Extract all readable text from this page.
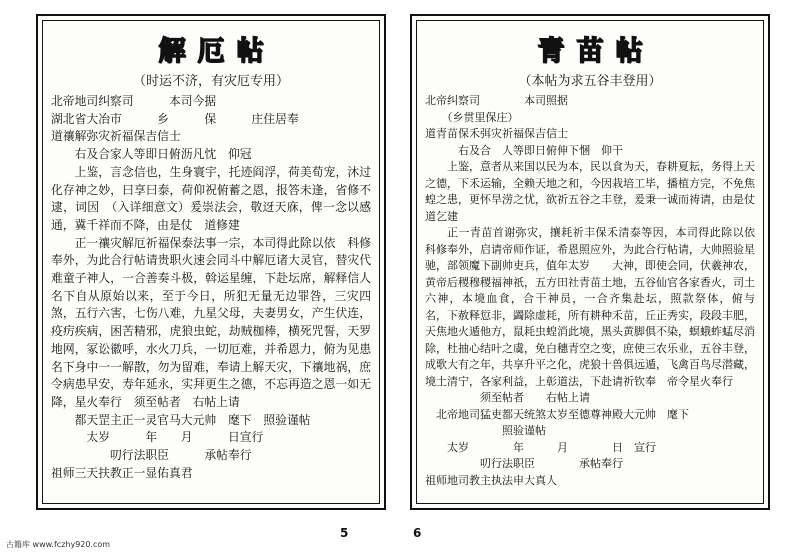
解厄帖
（时运不济，有灾厄专用）

北帝地司纠察司　　　本司今据

湖北省大冶市　　　乡　　　保　　　庄住居奉

道禳解弥灾祈福保吉信士

　　右及合家人等即日俯沥凡忱　仰冠

上鉴，言念信也，生身寰宇，托迹阎浮，荷美荀宠，沐过化存神之妙，曰享曰泰，荷仰祝俯蓄之恩，报答未逢，省修不逮，词因　（入详细意文）爰崇法会，敬迓天庥，俾一念以感通，冀千祥而不降，由是仗　道修建

正一禳灾解厄祈福保泰法事一宗，本司得此除以依　科修奉外，为此合行帖请贵职火速会同斗中解厄诸大灵官，替灾代难童子神人，一合善奏斗极，斡运星缠，下赴坛席，解释信人　　名下自从原始以来，至于今日，所犯无量无边罪咎，三灾四煞，五行六害，七伤八难，九星父母，夫妻男女，产生伏连，疫疠疾病，困苦精邪，虎狼虫蛇，劫贼枷棒，横死咒誓，天罗地网，冢讼徽呼，水火刀兵，一切厄难，并希恩力，俯为见患　　名下身中一一解散，勿为留难，奉请上解天灾，下禳地祸，庶令病患早安，寿年延永，实拜更生之德，不忘再造之恩一如无降，星火奉行　须至帖者　右帖上请

　　都天罡主正一灵官马大元帅　麾下　照验谨帖

　　　太岁　　　年　　月　　　日宣行

　　　　　叨行法职臣　　　承帖奉行

祖师三天扶教正一显佑真君

5
青苗帖
（本帖为求五谷丰登用）

北帝纠察司　　　　本司照据

　　（乡贯里保庄）

道青苗保禾弭灾祈福保吉信士

　　　右及合　人等即日俯伸下悃　仰干

上鉴，意者从来国以民为本，民以食为天，春耕夏耘，务得上天之德，下禾运输，全赖天地之和，今因栽培工毕，播植方完，不免焦蝗之患，更怀旱涝之忧，欲祈五谷之丰登，爰秉一诚而祷请，由是仗道乞建

正一青苗首谢弥灾，攘耗祈丰保禾清泰等因，本司得此除以依　科修奉外，启请帝师作证，希恩照应外，为此合行帖请，大帅照验星驰，部领魔下副帅吏兵，值年太岁　　大神，即使会同，伏羲神农，黄帝后稷穆稷福神祇，五方田社青苗土地，五谷仙官各家香火，司土六神，本境血食，合干神员，一合齐集赴坛，照款祭体，俯与　　名，下赦释愆非，蠲除虚耗，所有耕种禾苗，丘正秀实，段段丰肥，天焦地火遁他方，鼠耗虫蝗消此境，黑头黄脚俱不染，螟蛾蚱蜢尽消除，杜抽心结叶之虞，免白穗青空之变，庶使三农乐业，五谷丰登，成歌大有之年，共享升平之化，虎狼十兽俱远遁，飞禽百鸟尽潜藏，境土清宁，各家利益，上彰道法，下赴请祈钦奉　帝令星火奉行

　　　　　须至帖者　　右帖上请

　北帝地司猛吏都天统煞太岁至德尊神殿大元帅　麾下

　　　　　　　照验谨帖

　　太岁　　　　年　　　月　　　　日　宣行

　　　　　叨行法职臣　　　　承帖奉行

祖师地司教主执法申大真人

6
古籍库 www.fczhy920.com
